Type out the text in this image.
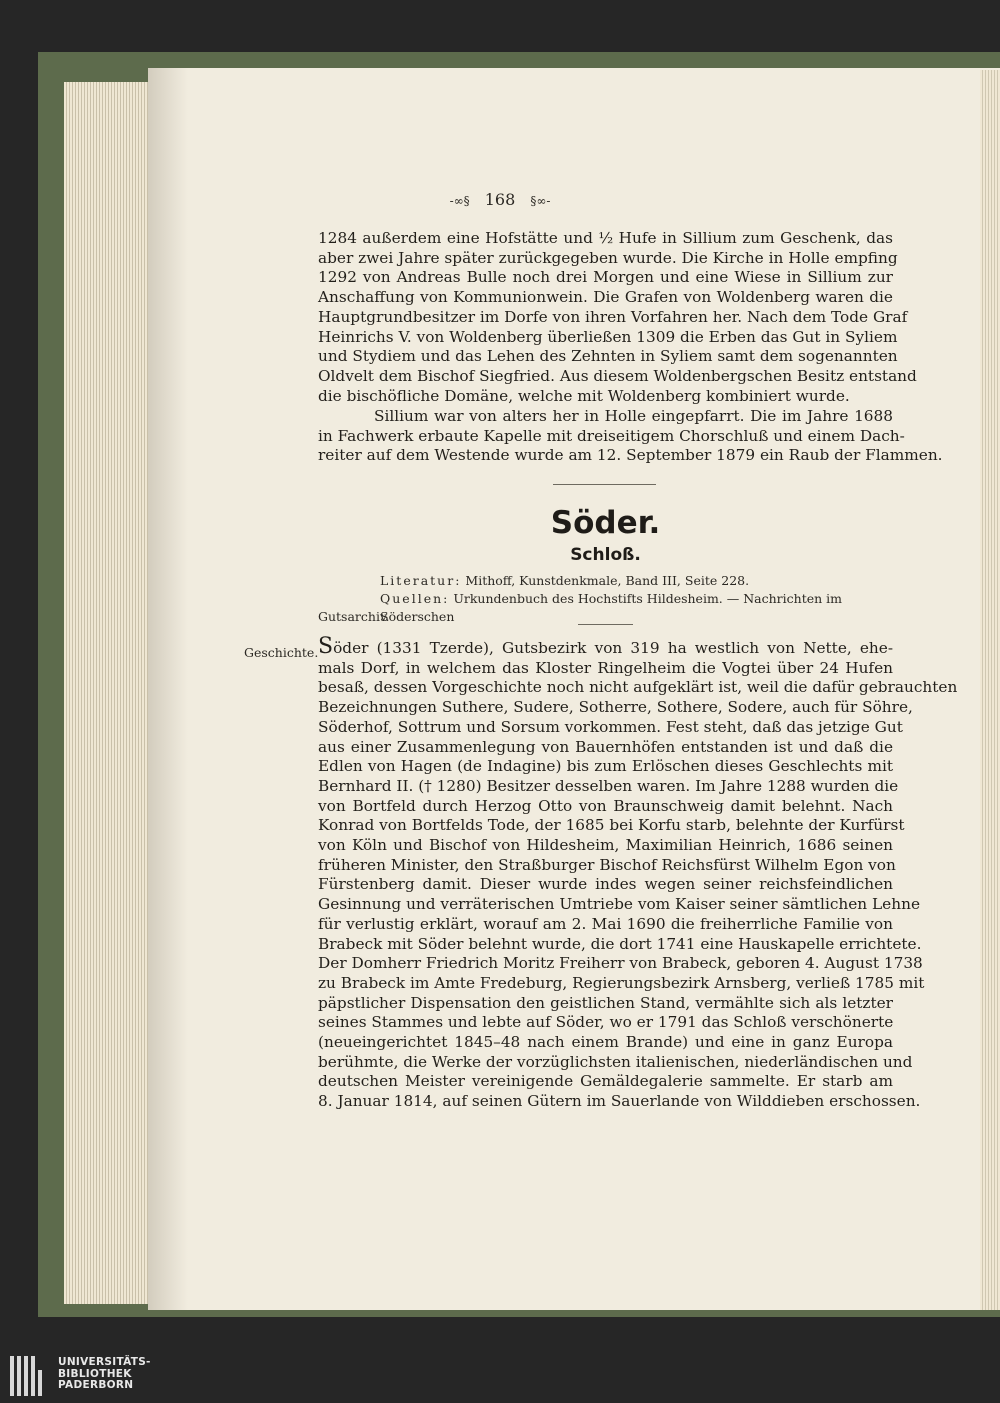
-∞§ 168 §∞-
1284 außerdem eine Hofstätte und ½ Hufe in Sillium zum Geschenk, das
aber zwei Jahre später zurückgegeben wurde. Die Kirche in Holle empfing
1292 von Andreas Bulle noch drei Morgen und eine Wiese in Sillium zur
Anschaffung von Kommunionwein. Die Grafen von Woldenberg waren die
Hauptgrundbesitzer im Dorfe von ihren Vorfahren her. Nach dem Tode Graf
Heinrichs V. von Woldenberg überließen 1309 die Erben das Gut in Syliem
und Stydiem und das Lehen des Zehnten in Syliem samt dem sogenannten
Oldvelt dem Bischof Siegfried. Aus diesem Woldenbergschen Besitz entstand
die bischöfliche Domäne, welche mit Woldenberg kombiniert wurde.
Sillium war von alters her in Holle eingepfarrt. Die im Jahre 1688
in Fachwerk erbaute Kapelle mit dreiseitigem Chorschluß und einem Dach-
reiter auf dem Westende wurde am 12. September 1879 ein Raub der Flammen.
Söder.
Schloß.
Literatur: Mithoff, Kunstdenkmale, Band III, Seite 228.
Quellen: Urkundenbuch des Hochstifts Hildesheim. — Nachrichten im Söderschen
Gutsarchiv.
Geschichte. Söder (1331 Tzerde), Gutsbezirk von 319 ha westlich von Nette, ehe-
mals Dorf, in welchem das Kloster Ringelheim die Vogtei über 24 Hufen
besaß, dessen Vorgeschichte noch nicht aufgeklärt ist, weil die dafür gebrauchten
Bezeichnungen Suthere, Sudere, Sotherre, Sothere, Sodere, auch für Söhre,
Söderhof, Sottrum und Sorsum vorkommen. Fest steht, daß das jetzige Gut
aus einer Zusammenlegung von Bauernhöfen entstanden ist und daß die
Edlen von Hagen (de Indagine) bis zum Erlöschen dieses Geschlechts mit
Bernhard II. († 1280) Besitzer desselben waren. Im Jahre 1288 wurden die
von Bortfeld durch Herzog Otto von Braunschweig damit belehnt. Nach
Konrad von Bortfelds Tode, der 1685 bei Korfu starb, belehnte der Kurfürst
von Köln und Bischof von Hildesheim, Maximilian Heinrich, 1686 seinen
früheren Minister, den Straßburger Bischof Reichsfürst Wilhelm Egon von
Fürstenberg damit. Dieser wurde indes wegen seiner reichsfeindlichen
Gesinnung und verräterischen Umtriebe vom Kaiser seiner sämtlichen Lehne
für verlustig erklärt, worauf am 2. Mai 1690 die freiherrliche Familie von
Brabeck mit Söder belehnt wurde, die dort 1741 eine Hauskapelle errichtete.
Der Domherr Friedrich Moritz Freiherr von Brabeck, geboren 4. August 1738
zu Brabeck im Amte Fredeburg, Regierungsbezirk Arnsberg, verließ 1785 mit
päpstlicher Dispensation den geistlichen Stand, vermählte sich als letzter
seines Stammes und lebte auf Söder, wo er 1791 das Schloß verschönerte
(neueingerichtet 1845–48 nach einem Brande) und eine in ganz Europa
berühmte, die Werke der vorzüglichsten italienischen, niederländischen und
deutschen Meister vereinigende Gemäldegalerie sammelte. Er starb am
8. Januar 1814, auf seinen Gütern im Sauerlande von Wilddieben erschossen.
UNIVERSITÄTS-
BIBLIOTHEK
PADERBORN
